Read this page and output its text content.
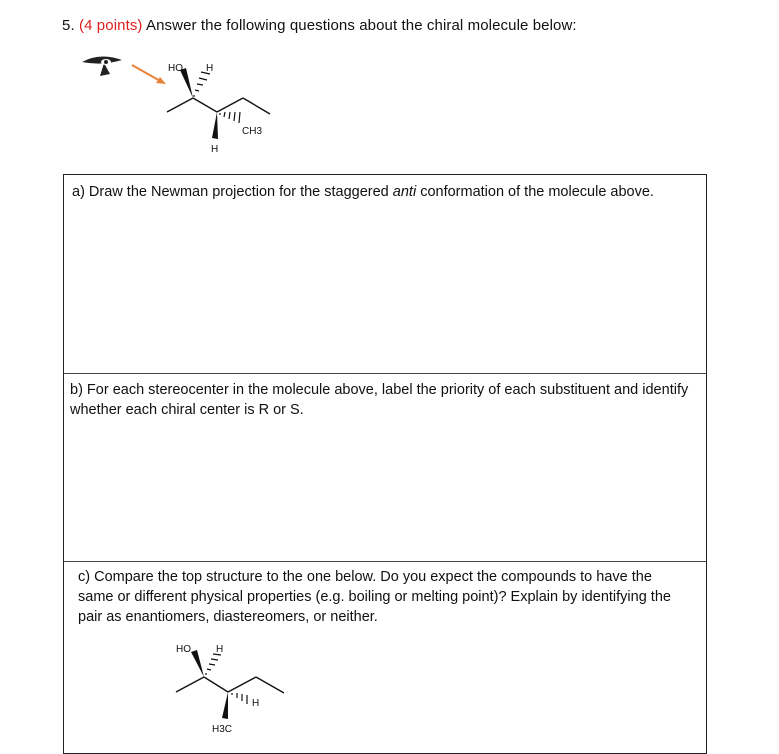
5. (4 points) Answer the following questions about the chiral molecule below:
HO H
CH3
H
a) Draw the Newman projection for the staggered anti conformation of the molecule above.
b) For each stereocenter in the molecule above, label the priority of each substituent and identify whether each chiral center is R or S.
c) Compare the top structure to the one below. Do you expect the compounds to have the same or different physical properties (e.g. boiling or melting point)? Explain by identifying the pair as enantiomers, diastereomers, or neither.
HO	H
H
H3C
